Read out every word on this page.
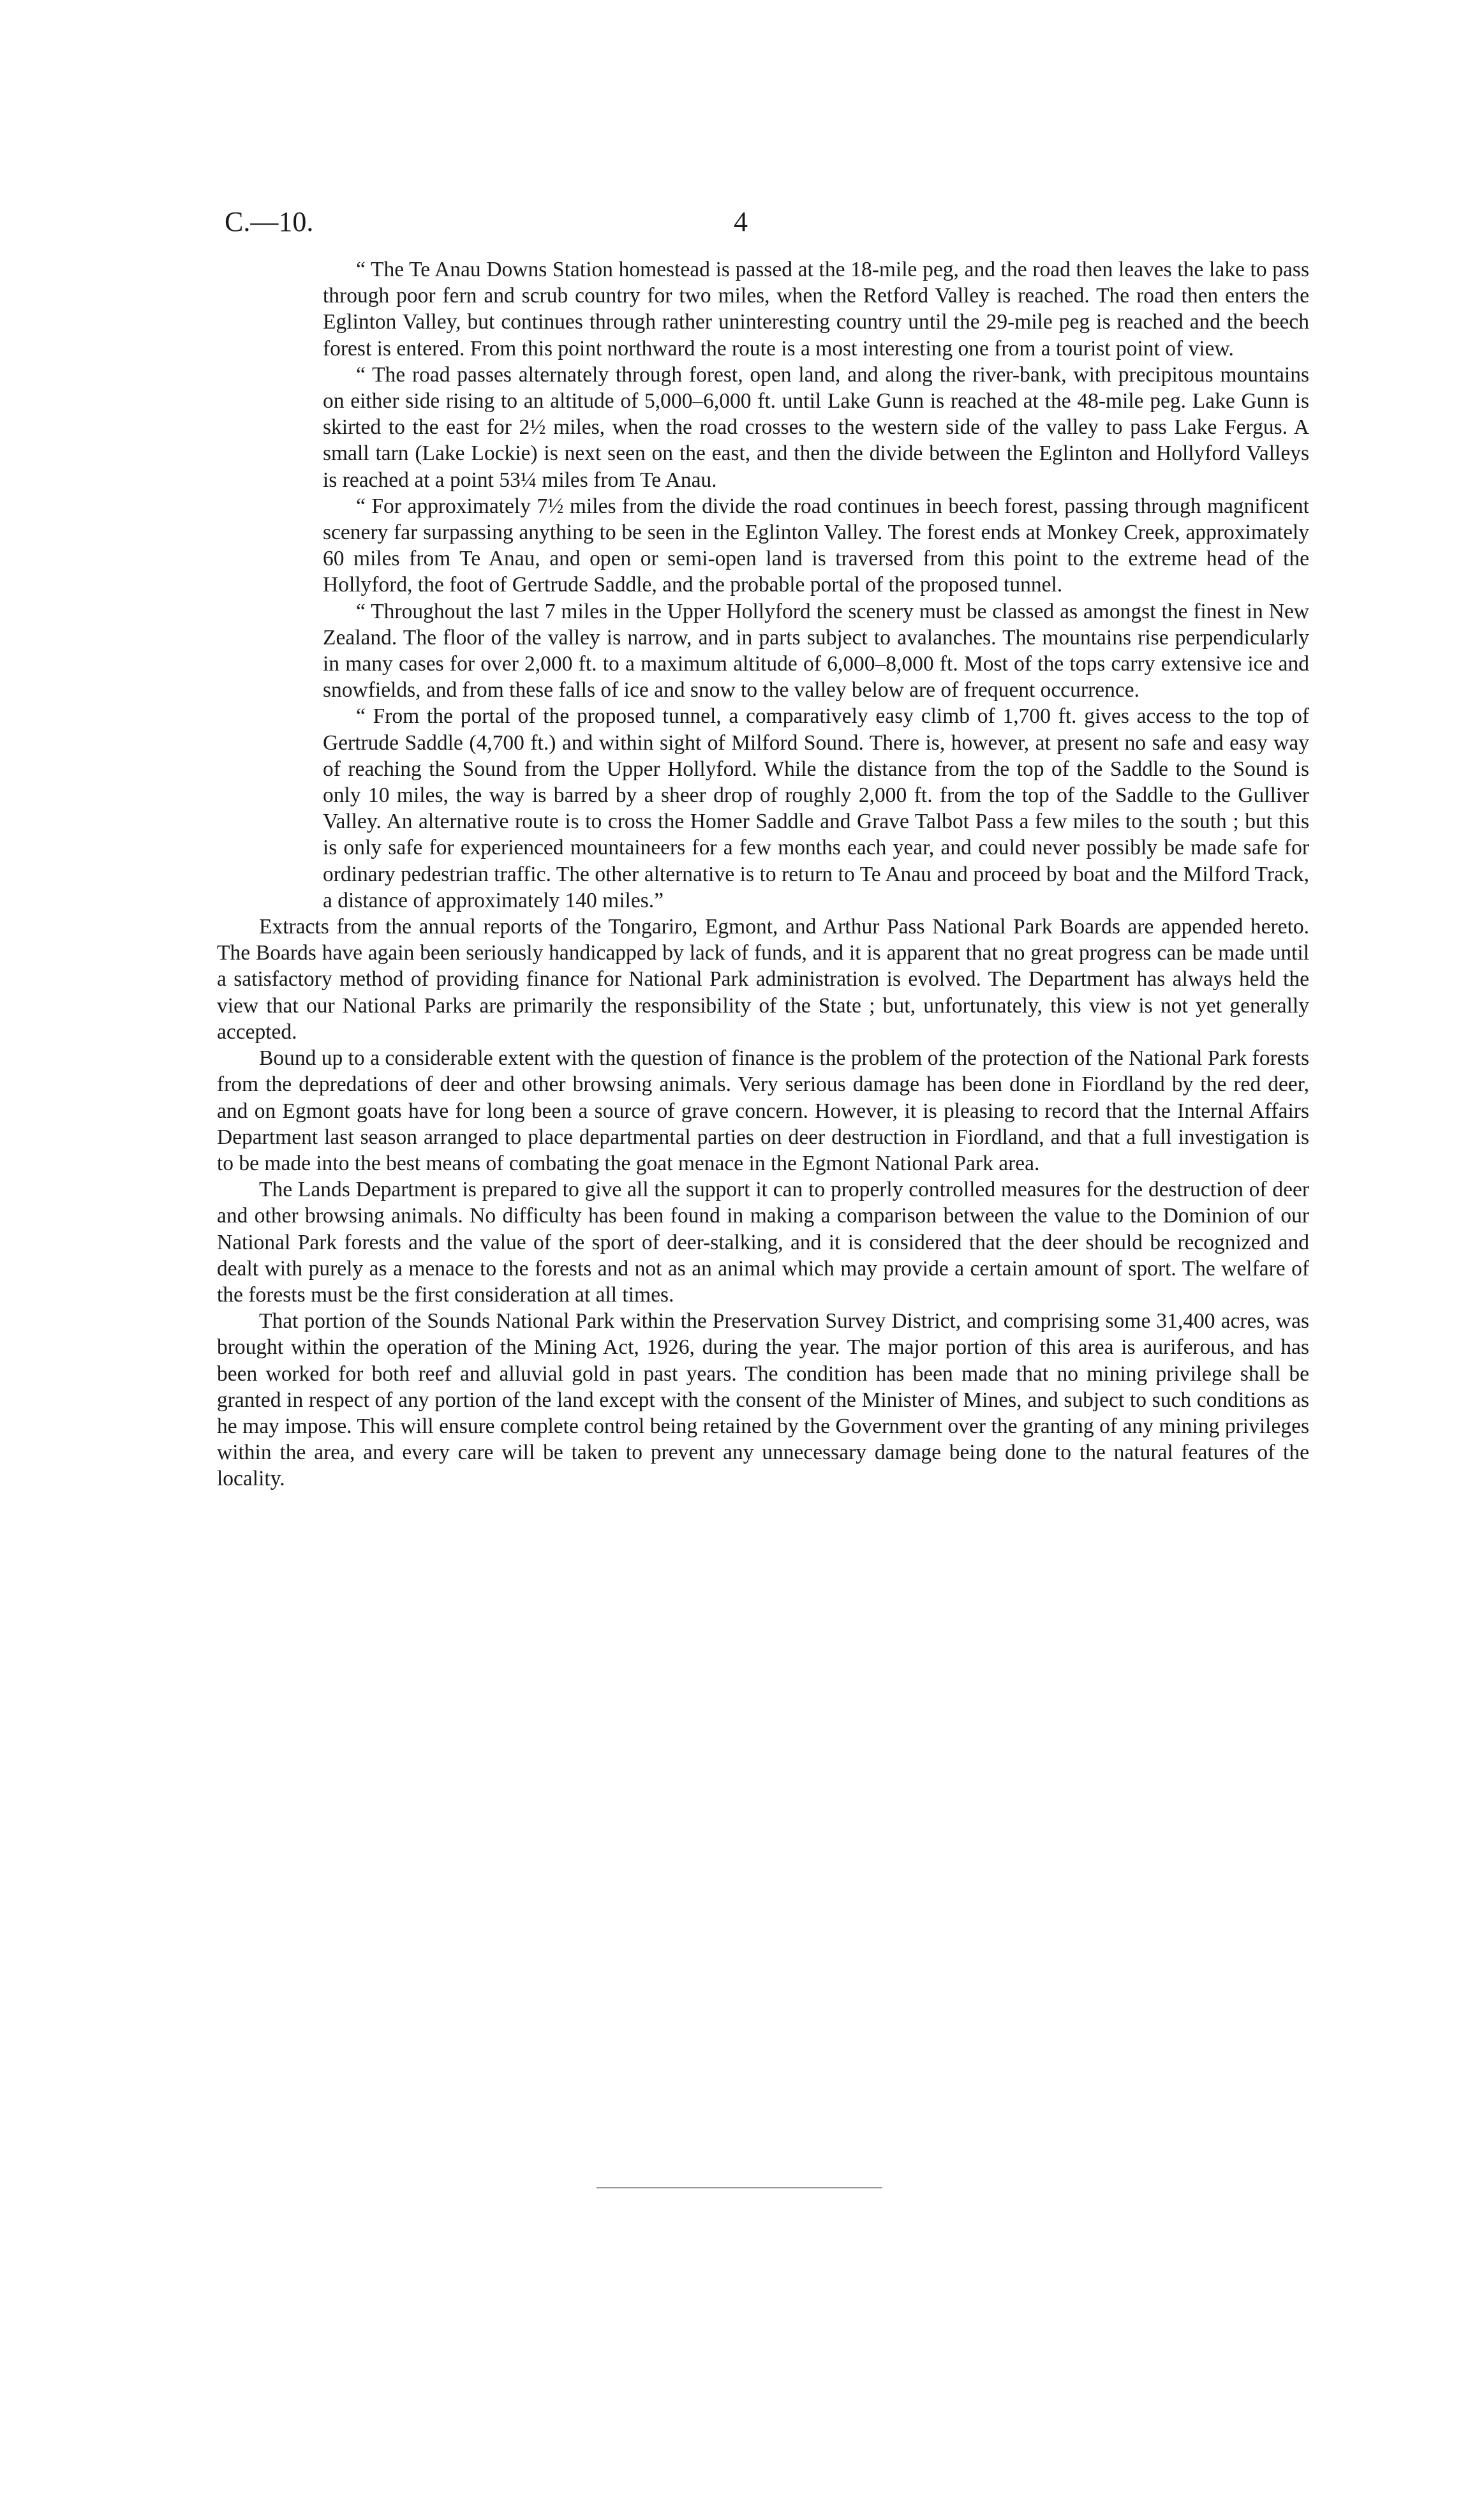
C.—10.	4

“ The Te Anau Downs Station homestead is passed at the 18-mile peg, and the road then leaves the lake to pass through poor fern and scrub country for two miles, when the Retford Valley is reached. The road then enters the Eglinton Valley, but continues through rather uninteresting country until the 29-mile peg is reached and the beech forest is entered. From this point northward the route is a most interesting one from a tourist point of view.

“ The road passes alternately through forest, open land, and along the river-bank, with precipitous mountains on either side rising to an altitude of 5,000–6,000 ft. until Lake Gunn is reached at the 48-mile peg. Lake Gunn is skirted to the east for 2½ miles, when the road crosses to the western side of the valley to pass Lake Fergus. A small tarn (Lake Lockie) is next seen on the east, and then the divide between the Eglinton and Hollyford Valleys is reached at a point 53¼ miles from Te Anau.

“ For approximately 7½ miles from the divide the road continues in beech forest, passing through magnificent scenery far surpassing anything to be seen in the Eglinton Valley. The forest ends at Monkey Creek, approximately 60 miles from Te Anau, and open or semi-open land is traversed from this point to the extreme head of the Hollyford, the foot of Gertrude Saddle, and the probable portal of the proposed tunnel.

“ Throughout the last 7 miles in the Upper Hollyford the scenery must be classed as amongst the finest in New Zealand. The floor of the valley is narrow, and in parts subject to avalanches. The mountains rise perpendicularly in many cases for over 2,000 ft. to a maximum altitude of 6,000–8,000 ft. Most of the tops carry extensive ice and snowfields, and from these falls of ice and snow to the valley below are of frequent occurrence.

“ From the portal of the proposed tunnel, a comparatively easy climb of 1,700 ft. gives access to the top of Gertrude Saddle (4,700 ft.) and within sight of Milford Sound. There is, however, at present no safe and easy way of reaching the Sound from the Upper Hollyford. While the distance from the top of the Saddle to the Sound is only 10 miles, the way is barred by a sheer drop of roughly 2,000 ft. from the top of the Saddle to the Gulliver Valley. An alternative route is to cross the Homer Saddle and Grave Talbot Pass a few miles to the south ; but this is only safe for experienced mountaineers for a few months each year, and could never possibly be made safe for ordinary pedestrian traffic. The other alternative is to return to Te Anau and proceed by boat and the Milford Track, a distance of approximately 140 miles.”

Extracts from the annual reports of the Tongariro, Egmont, and Arthur Pass National Park Boards are appended hereto. The Boards have again been seriously handicapped by lack of funds, and it is apparent that no great progress can be made until a satisfactory method of providing finance for National Park administration is evolved. The Department has always held the view that our National Parks are primarily the responsibility of the State ; but, unfortunately, this view is not yet generally accepted.

Bound up to a considerable extent with the question of finance is the problem of the protection of the National Park forests from the depredations of deer and other browsing animals. Very serious damage has been done in Fiordland by the red deer, and on Egmont goats have for long been a source of grave concern. However, it is pleasing to record that the Internal Affairs Department last season arranged to place departmental parties on deer destruction in Fiordland, and that a full investigation is to be made into the best means of combating the goat menace in the Egmont National Park area.

The Lands Department is prepared to give all the support it can to properly controlled measures for the destruction of deer and other browsing animals. No difficulty has been found in making a comparison between the value to the Dominion of our National Park forests and the value of the sport of deer-stalking, and it is considered that the deer should be recognized and dealt with purely as a menace to the forests and not as an animal which may provide a certain amount of sport. The welfare of the forests must be the first consideration at all times.

That portion of the Sounds National Park within the Preservation Survey District, and comprising some 31,400 acres, was brought within the operation of the Mining Act, 1926, during the year. The major portion of this area is auriferous, and has been worked for both reef and alluvial gold in past years. The condition has been made that no mining privilege shall be granted in respect of any portion of the land except with the consent of the Minister of Mines, and subject to such conditions as he may impose. This will ensure complete control being retained by the Government over the granting of any mining privileges within the area, and every care will be taken to prevent any unnecessary damage being done to the natural features of the locality.
